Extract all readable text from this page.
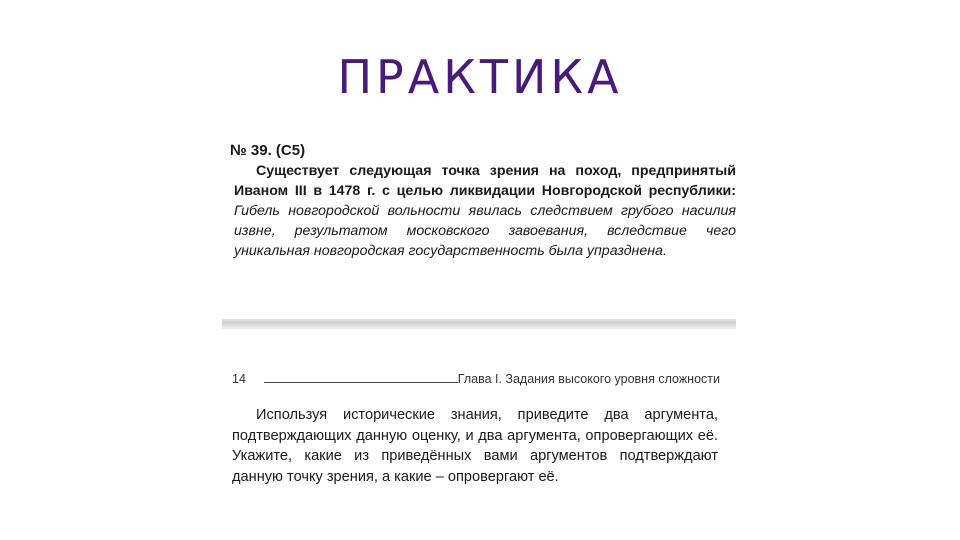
ПРАКТИКА
№ 39. (С5)

Существует следующая точка зрения на поход, предпринятый Иваном III в 1478 г. с целью ликвидации Новгородской республики: Гибель новгородской вольности явилась следствием грубого насилия извне, результатом московского завоевания, вследствие чего уникальная новгородская государственность была упразднена.

14	Глава I. Задания высокого уровня сложности

Используя исторические знания, приведите два аргумента, подтверждающих данную оценку, и два аргумента, опровергающих её. Укажите, какие из приведённых вами аргументов подтверждают данную точку зрения, а какие – опровергают её.
